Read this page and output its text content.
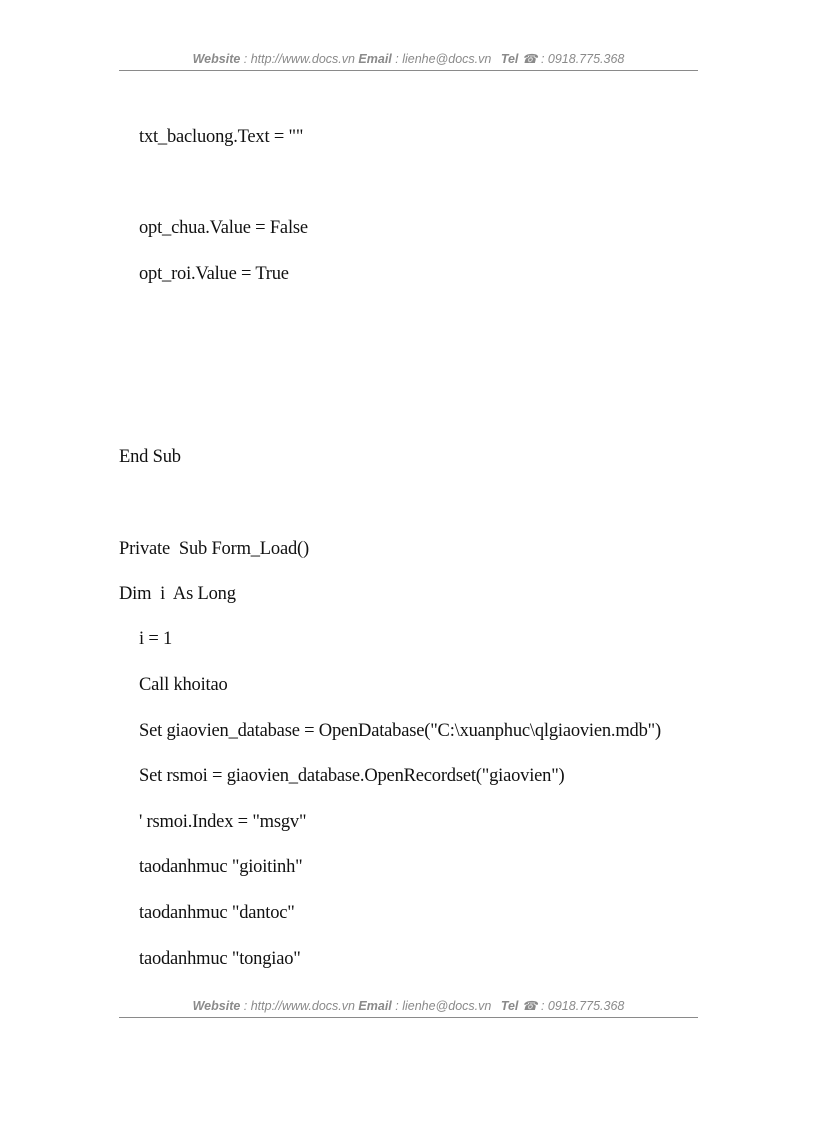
Website : http://www.docs.vn Email : lienhe@docs.vn Tel ☎ : 0918.775.368
txt_bacluong.Text = ""
opt_chua.Value = False
opt_roi.Value = True
End Sub
Private  Sub Form_Load()
Dim  i  As Long
i = 1
Call khoitao
Set giaovien_database = OpenDatabase("C:\xuanphuc\qlgiaovien.mdb")
Set rsmoi = giaovien_database.OpenRecordset("giaovien")
' rsmoi.Index = "msgv"
taodanhmuc "gioitinh"
taodanhmuc "dantoc"
taodanhmuc "tongiao"
Website : http://www.docs.vn Email : lienhe@docs.vn Tel ☎ : 0918.775.368
